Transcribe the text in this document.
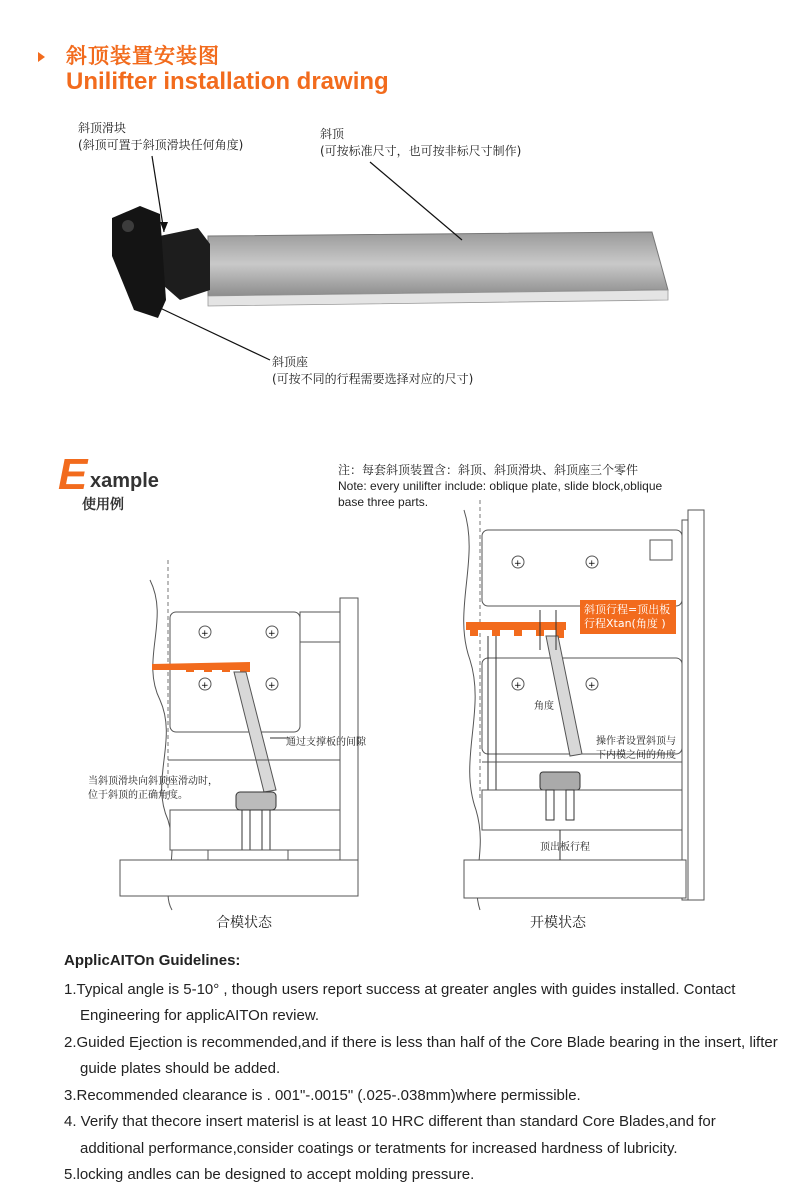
斜顶装置安装图
Unilifter installation drawing
斜顶滑块
(斜顶可置于斜顶滑块任何角度)
斜顶
(可按标准尺寸，也可按非标尺寸制作)
斜顶座
(可按不同的行程需要选择对应的尺寸)
E xample
使用例
注：每套斜顶装置含：斜顶、斜顶滑块、斜顶座三个零件
Note: every unilifter include: oblique plate, slide block,oblique
base three parts.
+	+
+	+
通过支撑板的间隙
当斜顶滑块向斜顶座滑动时，
位于斜顶的正确角度。
合模状态
+	+
+	+
斜顶行程=顶出板
行程Xtan(角度 )
角度
操作者设置斜顶与
下内模之间的角度
顶出板行程
开模状态
ApplicAITOn Guidelines:

1.Typical angle is 5-10° , though users report success at greater angles with guides installed. Contact Engineering for applicAITOn review.

2.Guided Ejection is recommended,and if there is less than half of the Core Blade bearing in the insert, lifter guide plates should be added.

3.Recommended clearance is . 001"-.0015" (.025-.038mm)where permissible.

4. Verify that thecore insert materisl is at least 10 HRC different than standard Core Blades,and for additional performance,consider coatings or teratments for increased hardness of lubricity.

5.locking andles can be designed to accept molding pressure.
